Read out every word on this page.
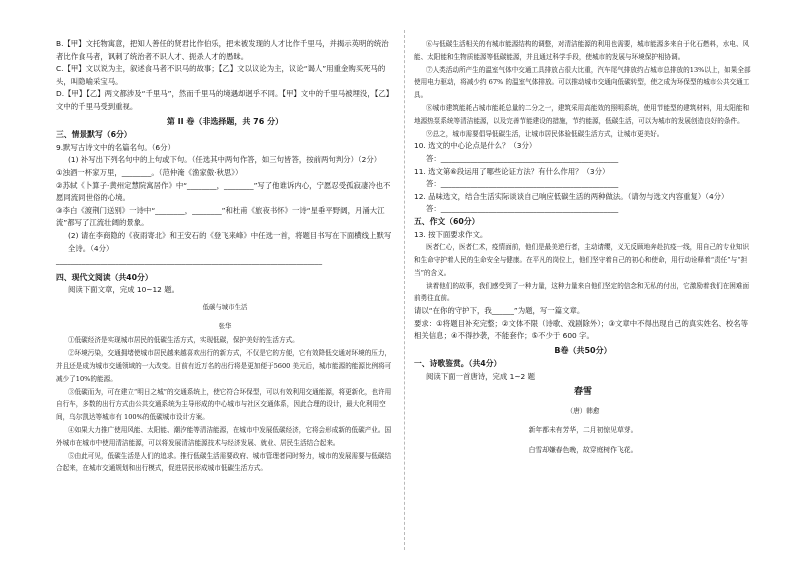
B.【甲】文托物寓意，把知人善任的贤君比作伯乐，把未被发现的人才比作千里马，并揭示英明的统治者比作食马者，讽刺了统治者不识人才、扼杀人才的愚昧。

C.【甲】文以说为主，叙述食马者不识马的故事；【乙】文以议论为主，议论“谒人”用重金购买死马的头，叫隐喻采宝马。

D.【甲】【乙】两文都涉及“千里马”，然而千里马的境遇却迥乎不同。【甲】文中的千里马被埋没，【乙】文中的千里马受到重视。

第 II 卷（非选择题，共 76 分）

三、情景默写（6分）

9.默写古诗文中的名篇名句。（6分）

(1) 补写出下列名句中的上句或下句。（任选其中两句作答，如三句皆答，按前两句判分）（2分）

①浊酒一杯家万里，________。（范仲淹《渔家傲·秋思》）

②苏轼《卜算子·黄州定慧院寓居作》中“________，________”写了他谁诉内心，宁愿忍受孤寂凄冷也不愿同流同世俗的心境。

③李白《渡荆门送别》一诗中“________，________”和杜甫《旅夜书怀》一诗“星垂平野阔，月涌大江流”都写了江流壮阔的景象。

(2) 请在李商隐的《夜雨寄北》和王安石的《登飞来峰》中任选一首，将题目书写在下面横线上默写全诗。（4分）

________________________________________________________________________

四、现代文阅读（共40分）

阅读下面文章，完成 10~12 题。

低碳与城市生活

张华

①低碳经济是实现城市居民的低碳生活方式，实现低碳，保护美好的生活方式。

②环境污染，交通拥堵使城市居民越来越喜欢出行的新方式，不仅是它的方便，它有效降低交通对环境的压力，并且还是成为城市交通领域的一大改变。目前有近万名的出行将是更加便于5600 美元后，城市能源的能源比例将可减少了10%的能源。

③低碳而为，可在建立“明日之城”的交通系统上，使它符合环保型，可以有效利用交通能源，将更新化，也许用自行车，多数的出行方式由公共交通系统为主导形成的中心城市与社区交通体系，因此合理的设计，最大化利用空间，乌尔凯达等城市有 100%的低碳城市设计方案。

④如果大力推广使用风能、太阳能、潮汐能等清洁能源，在城市中发展低碳经济，它将会形成新的低碳产业。国外城市在城市中使用清洁能源，可以将发展清洁能源技术与经济发展、就业、居民生活结合起来。

⑤由此可见，低碳生活是人们的追求。推行低碳生活需要政府、城市管理者同时努力，城市的发展需要与低碳结合起来，在城市交通规划和出行模式，促进居民形成城市低碳生活方式。

⑥与低碳生活相关的有城市能源结构的调整，对清洁能源的利用也需要，城市能源多来自于化石燃料，水电、风能、太阳能和生物质能源等低碳能源，并且通过科学手段，使城市的发展与环境保护相协调。

⑦人类活动所产生的温室气体中交通工具排放占很大比重，汽车尾气排放约占城市总排放的13%以上，如果全部使用电力驱动，将减少约 67% 的温室气体排放。可以推动城市交通向低碳转型，使之成为环保型的城市公共交通工具。

⑧城市建筑能耗占城市能耗总量的二分之一，建筑采用高能效的照明系统，使用节能型的建筑材料，用太阳能和地源热泵系统等清洁能源，以及完善节能建设的措施，节约能源，低碳生活，可以为城市的发展创造良好的条件。

⑨总之，城市需要倡导低碳生活，让城市居民体验低碳生活方式，让城市更美好。

10. 选文的中心论点是什么？（3分）

答：________________________________________________

11. 选文第⑥段运用了哪些论证方法？有什么作用？（3分）

答：________________________________________________

12. 品味选文，结合生活实际谈谈自己响应低碳生活的两种做法。（请勿与选文内容重复）（4分）

答：________________________________________________

五、作文（60分）

13. 按下面要求作文。

医者仁心，医者仁术，疫情面前，他们是最美逆行者，主动请缨，义无反顾地奔赴抗疫一线，用自己的专业知识和生命守护着人民的生命安全与健康。在平凡的岗位上，他们坚守着自己的初心和使命，用行动诠释着“责任”与“担当”的含义。

读着他们的故事，我们感受到了一种力量，这种力量来自他们坚定的信念和无私的付出，它激励着我们在困难面前勇往直前。

请以“在你的守护下，我______”为题，写一篇文章。

要求：①将题目补充完整；②文体不限（诗歌、戏剧除外）；③文章中不得出现自己的真实姓名、校名等相关信息；④不得抄袭，不能套作；⑤不少于 600 字。

B卷（共50分）

一、诗歌鉴赏。（共4分）

阅读下面一首唐诗，完成 1~2 题

春雪

（唐）韩愈

新年都未有芳华，二月初惊见草芽。

白雪却嫌春色晚，故穿庭树作飞花。
